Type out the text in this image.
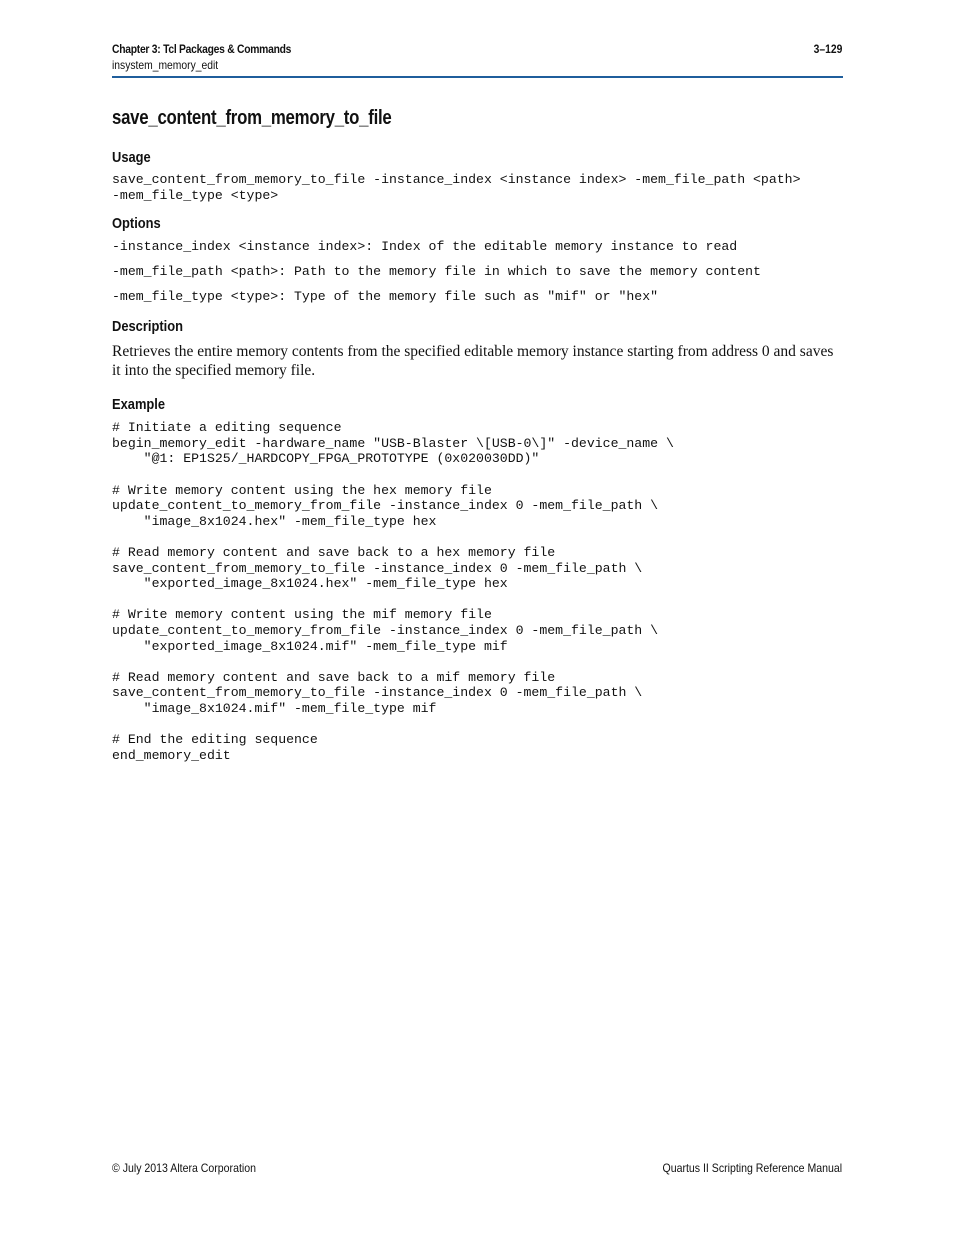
Chapter 3: Tcl Packages & Commands
insystem_memory_edit
3–129
save_content_from_memory_to_file
Usage
save_content_from_memory_to_file -instance_index <instance index> -mem_file_path <path>
-mem_file_type <type>
Options
-instance_index <instance index>: Index of the editable memory instance to read
-mem_file_path <path>: Path to the memory file in which to save the memory content
-mem_file_type <type>: Type of the memory file such as "mif" or "hex"
Description

Retrieves the entire memory contents from the specified editable memory instance starting from address 0 and saves it into the specified memory file.

Example
# Initiate a editing sequence
begin_memory_edit -hardware_name "USB-Blaster \[USB-0\]" -device_name \
"@1: EP1S25/_HARDCOPY_FPGA_PROTOTYPE (0x020030DD)"

# Write memory content using the hex memory file
update_content_to_memory_from_file -instance_index 0 -mem_file_path \
"image_8x1024.hex" -mem_file_type hex

# Read memory content and save back to a hex memory file
save_content_from_memory_to_file -instance_index 0 -mem_file_path \
"exported_image_8x1024.hex" -mem_file_type hex

# Write memory content using the mif memory file
update_content_to_memory_from_file -instance_index 0 -mem_file_path \
"exported_image_8x1024.mif" -mem_file_type mif

# Read memory content and save back to a mif memory file
save_content_from_memory_to_file -instance_index 0 -mem_file_path \
"image_8x1024.mif" -mem_file_type mif

# End the editing sequence
end_memory_edit
© July 2013 Altera Corporation	Quartus II Scripting Reference Manual
